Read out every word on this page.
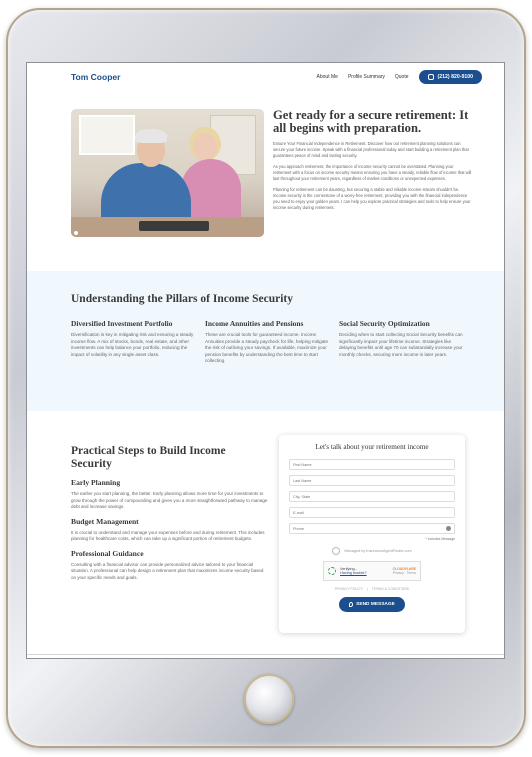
Tom Cooper	About Me Profile Summary Quote	(212) 820-9100
Get ready for a secure retirement: It all begins with preparation.

Ensure Your Financial Independence in Retirement. Discover how our retirement planning solutions can secure your future income. Speak with a financial professional today and start building a retirement plan that guarantees peace of mind and lasting security.

As you approach retirement, the importance of income security cannot be overstated. Planning your retirement with a focus on income security means ensuring you have a steady, reliable flow of income that will last throughout your retirement years, regardless of market conditions or unexpected expenses.

Planning for retirement can be daunting, but securing a stable and reliable income stream shouldn't be. Income security is the cornerstone of a worry-free retirement, providing you with the financial independence you need to enjoy your golden years. I can help you explore practical strategies and tools to help ensure your income security during retirement.

Understanding the Pillars of Income Security
Diversified Investment Portfolio

Diversification is key in mitigating risk and ensuring a steady income flow. A mix of stocks, bonds, real estate, and other investments can help balance your portfolio, reducing the impact of volatility in any single asset class.

Income Annuities and Pensions

These are crucial tools for guaranteed income. Income Annuities provide a steady paycheck for life, helping mitigate the risk of outliving your savings. If available, maximize your pension benefits by understanding the best time to start collecting.

Social Security Optimization

Deciding when to start collecting Social Security benefits can significantly impact your lifetime income. Strategies like delaying benefits until age 70 can substantially increase your monthly checks, securing more income in later years.

Practical Steps to Build Income Security
Early Planning

The earlier you start planning, the better. Early planning allows more time for your investments to grow through the power of compounding and gives you a more straightforward pathway to manage debt and increase savings.

Budget Management

It is crucial to understand and manage your expenses before and during retirement. This includes planning for healthcare costs, which can take up a significant portion of retirement budgets.

Professional Guidance

Consulting with a financial advisor can provide personalized advice tailored to your financial situation. A professional can help design a retirement plan that maximizes income security based on your specific needs and goals.

Let's talk about your retirement income
First Name
Last Name
City, State
E-mail
Phone
* Includes Message
Managed by InsuranceAgentFinder.com
Verifying...
Having trouble?
CLOUDFLARE
Privacy · Terms
PRIVACY POLICY | TERMS & CONDITIONS
SEND MESSAGE
